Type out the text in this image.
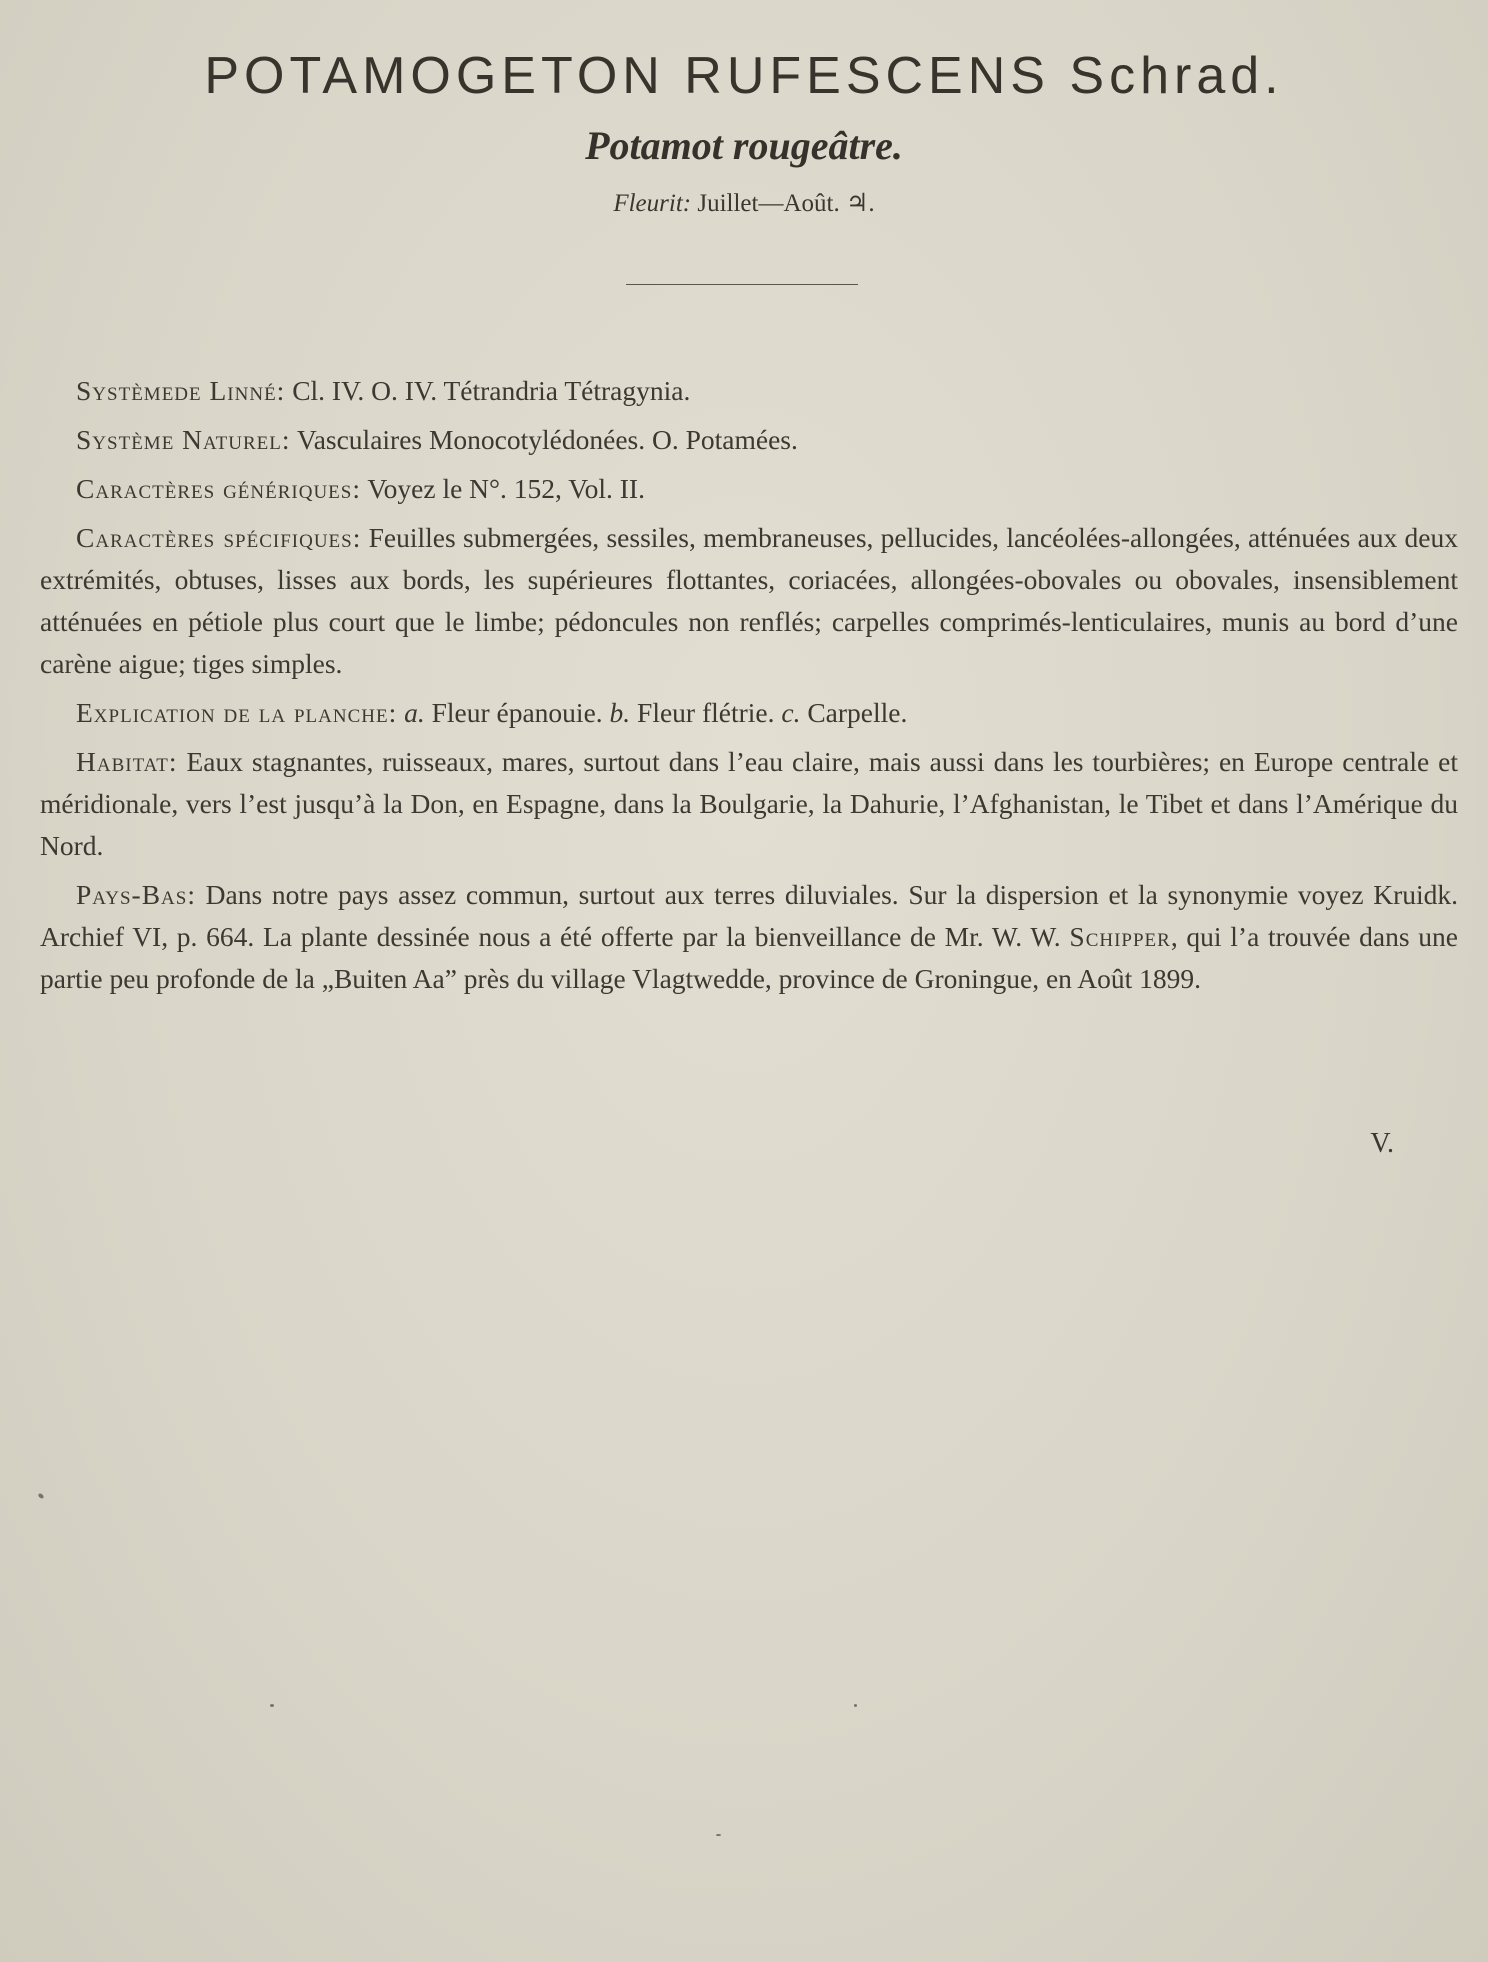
POTAMOGETON RUFESCENS Schrad.
Potamot rougeâtre.
Fleurit: Juillet—Août. ♃.

Systèmede Linné: Cl. IV. O. IV. Tétrandria Tétragynia.

Système Naturel: Vasculaires Monocotylédonées. O. Potamées.

Caractères génériques: Voyez le N°. 152, Vol. II.

Caractères spécifiques: Feuilles submergées, sessiles, membraneuses, pellucides, lancéolées-allongées, atténuées aux deux extrémités, obtuses, lisses aux bords, les supérieures flottantes, coriacées, allongées-obovales ou obovales, insensiblement atténuées en pétiole plus court que le limbe; pédoncules non renflés; carpelles comprimés-lenticulaires, munis au bord d’une carène aigue; tiges simples.

Explication de la planche: a. Fleur épanouie. b. Fleur flétrie. c. Carpelle.

Habitat: Eaux stagnantes, ruisseaux, mares, surtout dans l’eau claire, mais aussi dans les tourbières; en Europe centrale et méridionale, vers l’est jusqu’à la Don, en Espagne, dans la Boulgarie, la Dahurie, l’Afghanistan, le Tibet et dans l’Amérique du Nord.

Pays-Bas: Dans notre pays assez commun, surtout aux terres diluviales. Sur la dispersion et la synonymie voyez Kruidk. Archief VI, p. 664. La plante dessinée nous a été offerte par la bienveillance de Mr. W. W. Schipper, qui l’a trouvée dans une partie peu profonde de la „Buiten Aa” près du village Vlagtwedde, province de Groningue, en Août 1899.

V.
